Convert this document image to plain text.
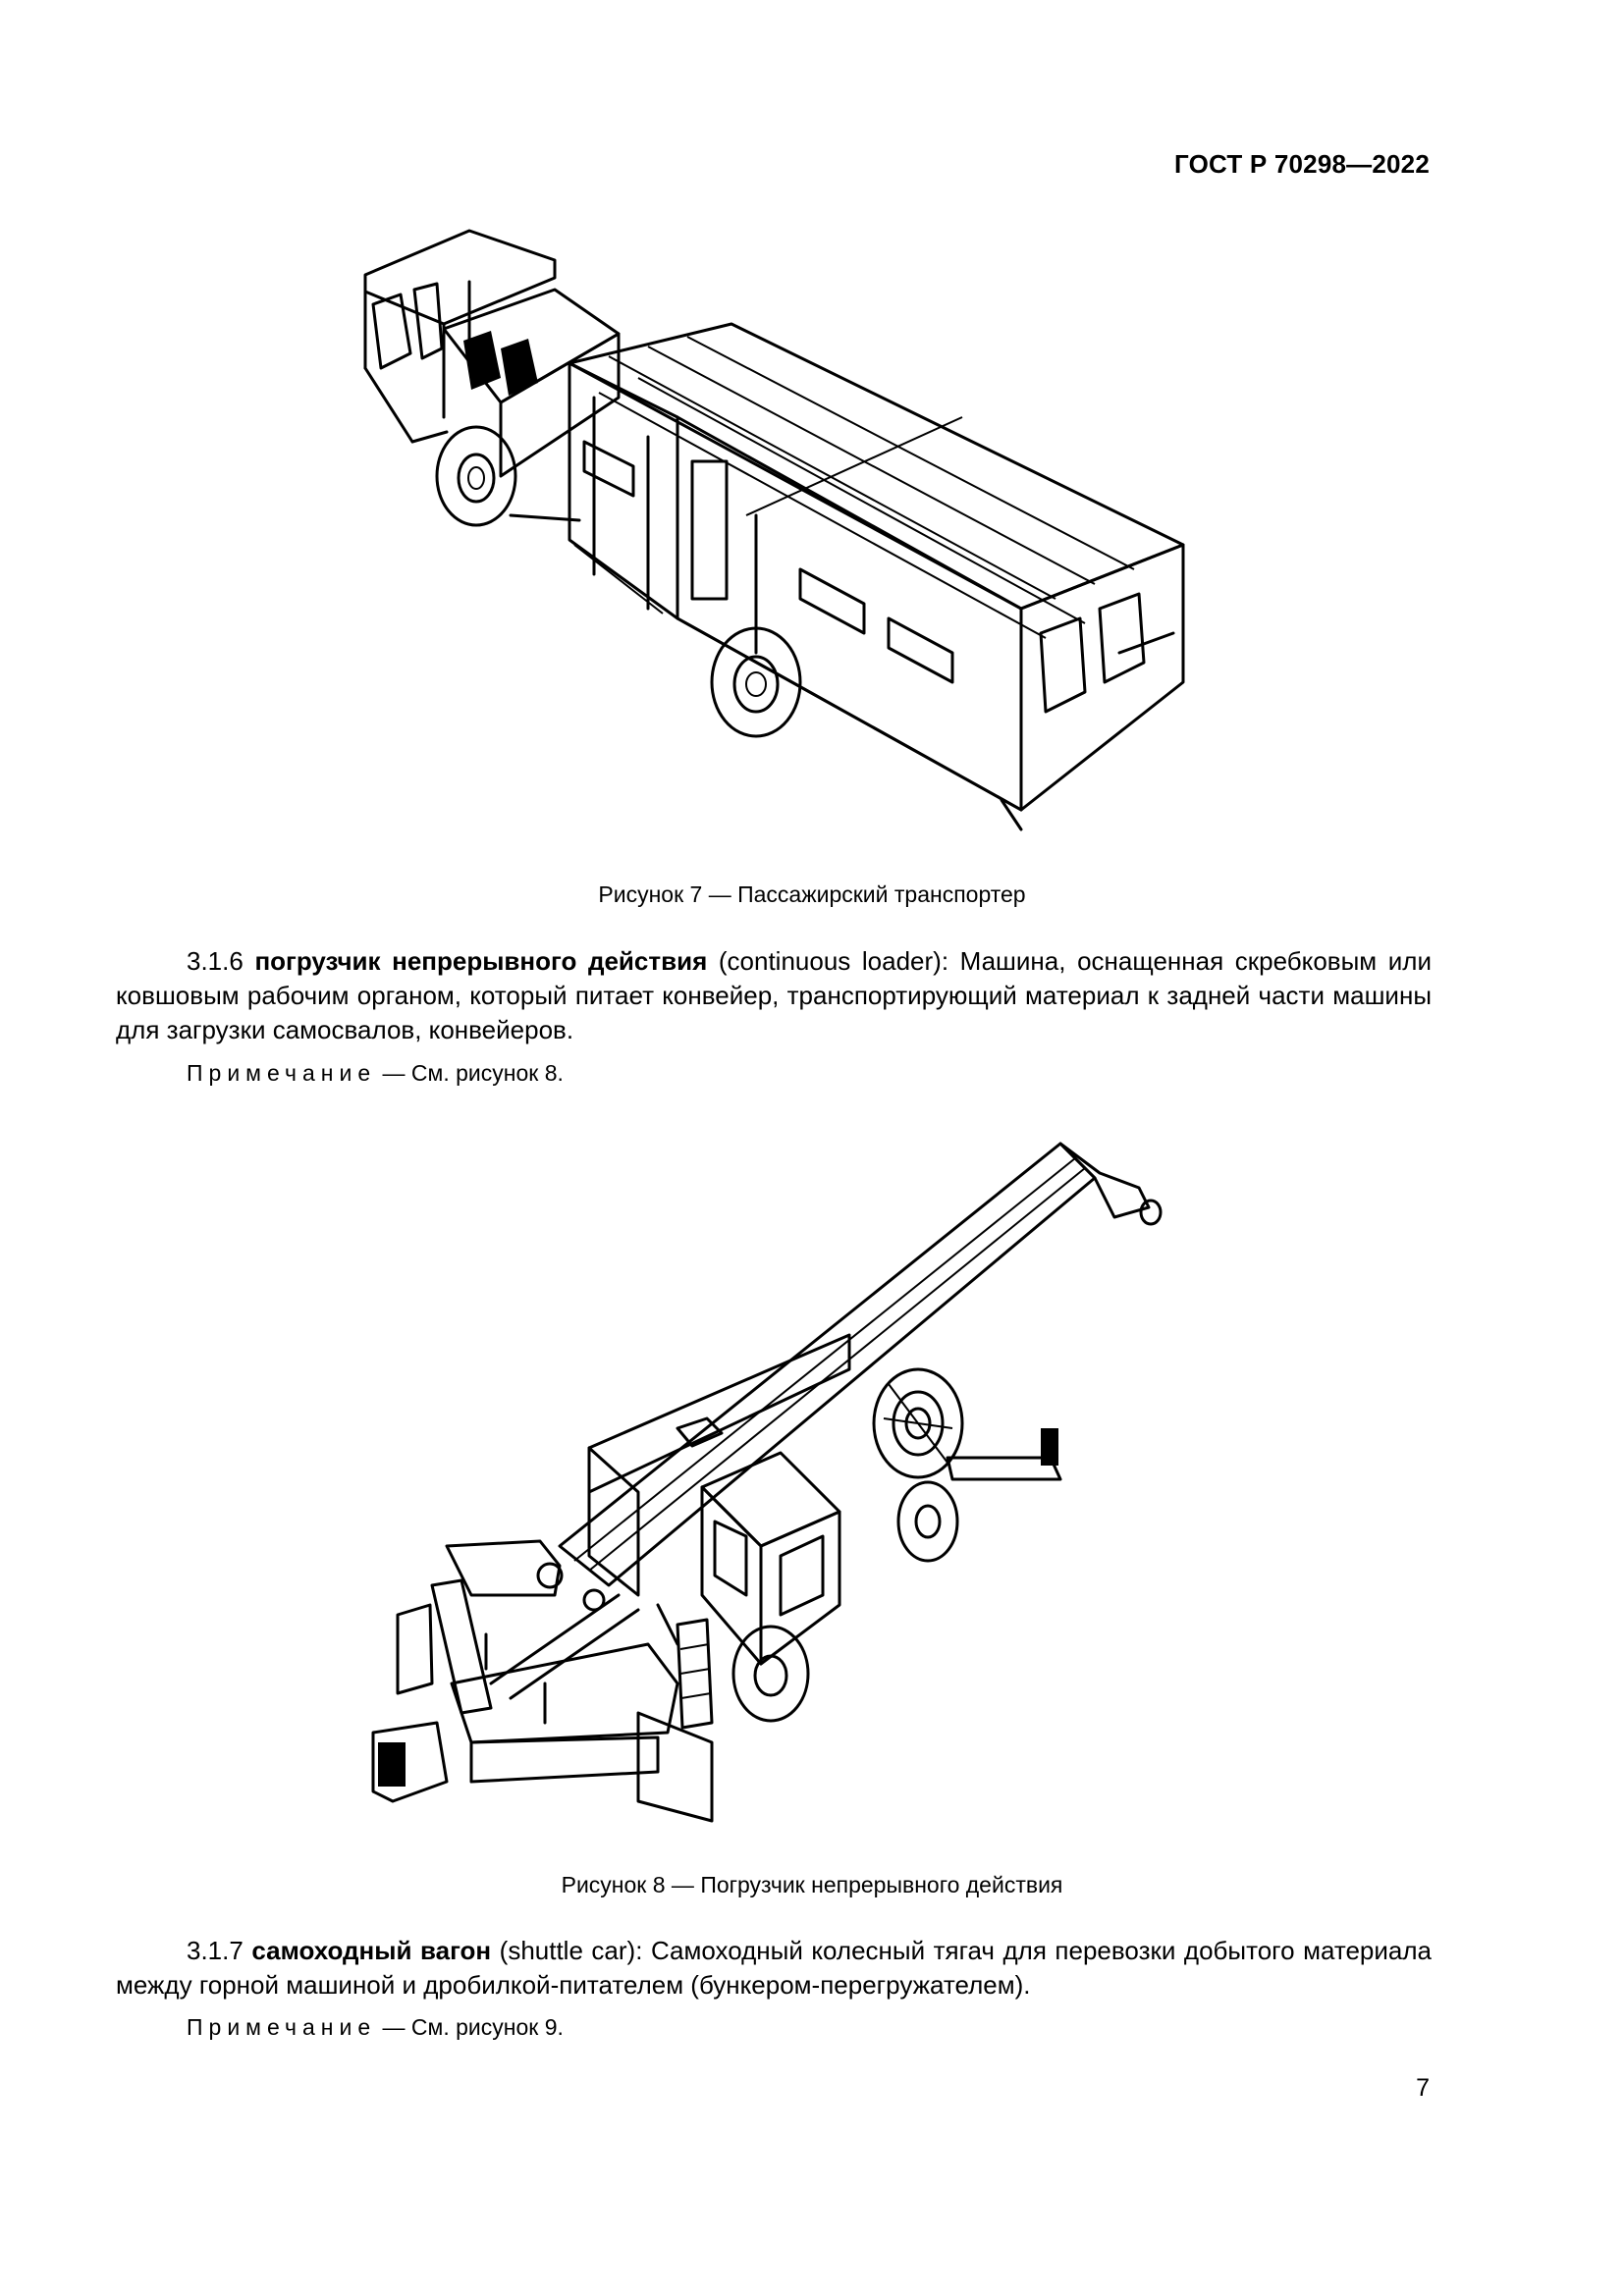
ГОСТ Р 70298—2022
Рисунок 7 — Пассажирский транспортер
3.1.6 погрузчик непрерывного действия (continuous loader): Машина, оснащенная скребковым или ковшовым рабочим органом, который питает конвейер, транспортирующий материал к задней части машины для загрузки самосвалов, конвейеров.
Примечание — См. рисунок 8.
Рисунок 8 — Погрузчик непрерывного действия
3.1.7 самоходный вагон (shuttle car): Самоходный колесный тягач для перевозки добытого материала между горной машиной и дробилкой-питателем (бункером-перегружателем).
Примечание — См. рисунок 9.
7
